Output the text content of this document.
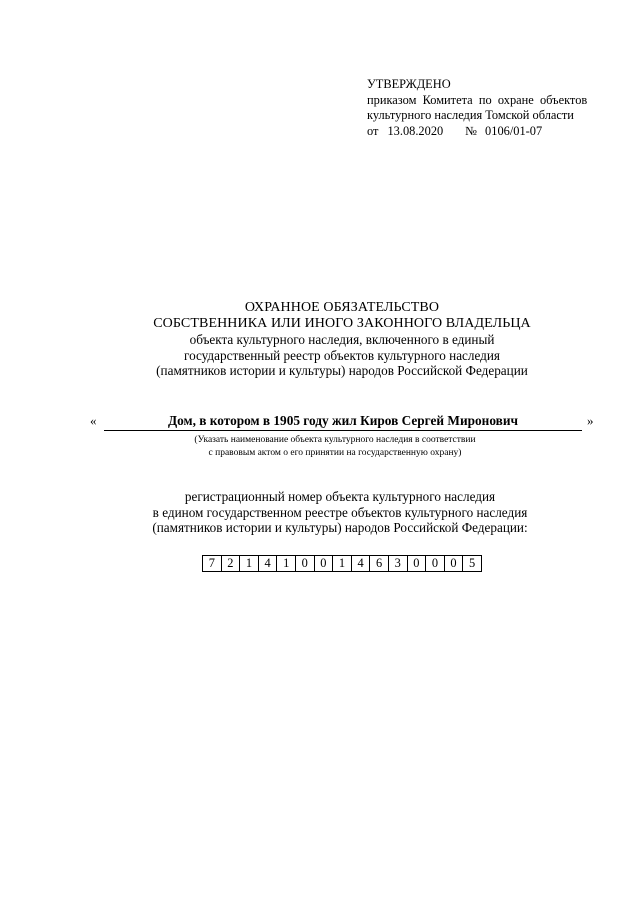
УТВЕРЖДЕНО
приказом  Комитета  по  охране  объектов
культурного наследия Томской области
от 13.08.2020 № 0106/01-07
ОХРАННОЕ ОБЯЗАТЕЛЬСТВО
СОБСТВЕННИКА ИЛИ ИНОГО ЗАКОННОГО ВЛАДЕЛЬЦА
объекта культурного наследия, включенного в единый
государственный реестр объектов культурного наследия
(памятников истории и культуры) народов Российской Федерации
«	Дом, в котором в 1905 году жил Киров Сергей Миронович	»
(Указать наименование объекта культурного наследия в соответствии
с правовым актом о его принятии на государственную охрану)
регистрационный номер объекта культурного наследия
в едином государственном реестре объектов культурного наследия
(памятников истории и культуры) народов Российской Федерации:
7 2 1 4 1 0 0 1 4 6 3 0 0 0 5
